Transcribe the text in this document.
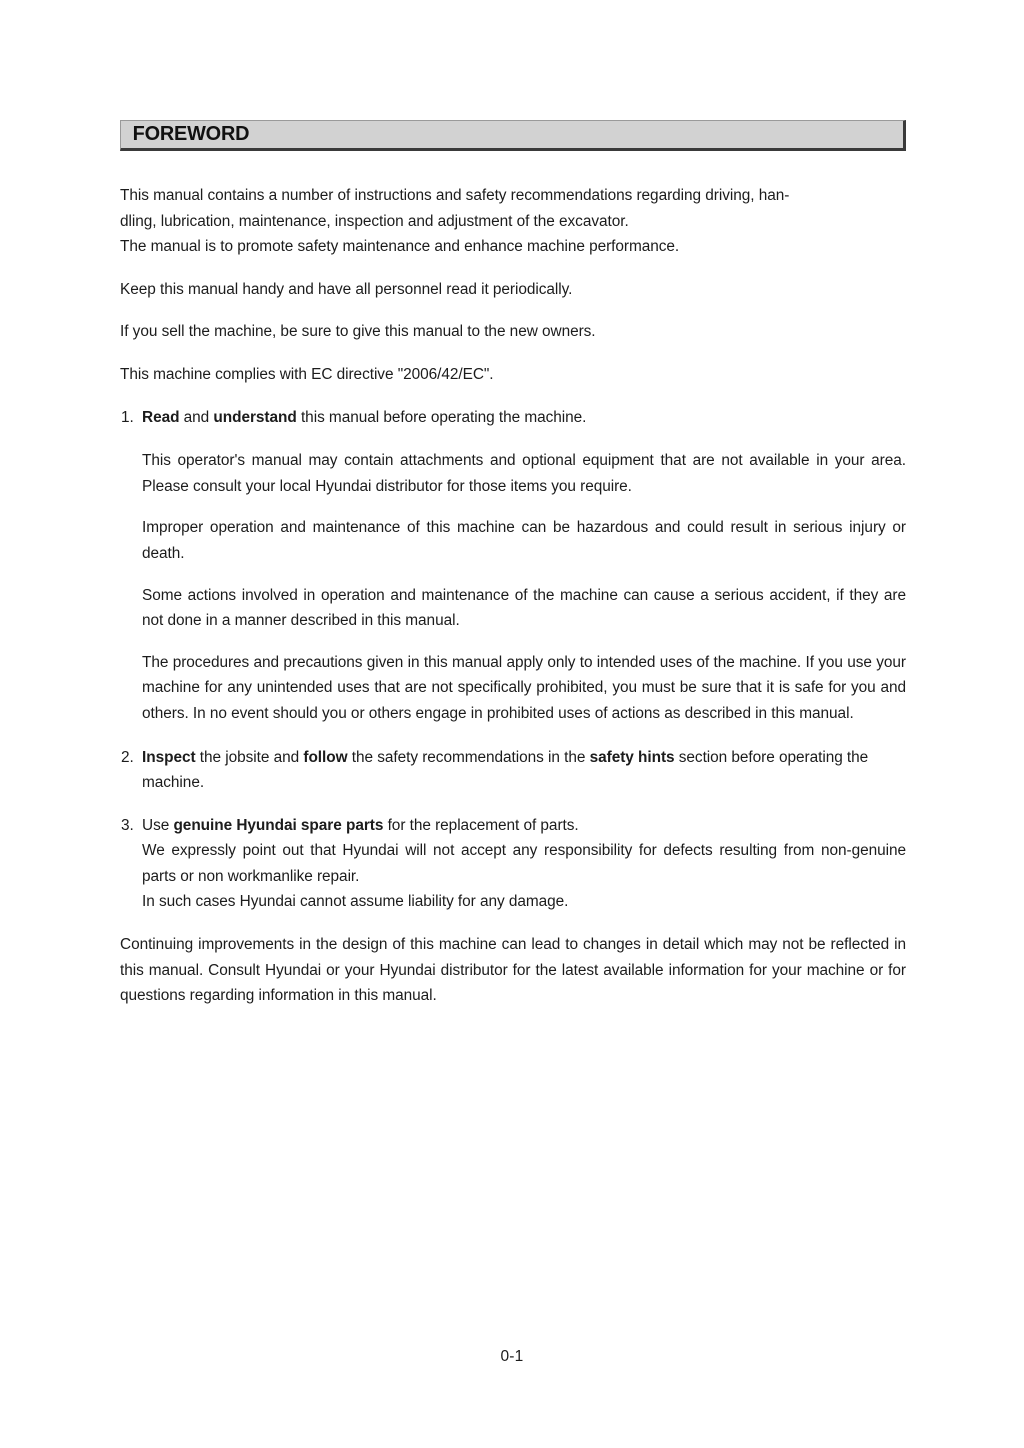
FOREWORD
This manual contains a number of instructions and safety recommendations regarding driving, han-
dling, lubrication, maintenance, inspection and adjustment of the excavator.
The manual is to promote safety maintenance and enhance machine performance.

Keep this manual handy and have all personnel read it periodically.

If you sell the machine, be sure to give this manual to the new owners.

This machine complies with EC directive "2006/42/EC".

1. Read and understand this manual before operating the machine.

This operator's manual may contain attachments and optional equipment that are not available in your area. Please consult your local Hyundai distributor for those items you require.

Improper operation and maintenance of this machine can be hazardous and could result in serious injury or death.

Some actions involved in operation and maintenance of the machine can cause a serious accident, if they are not done in a manner described in this manual.

The procedures and precautions given in this manual apply only to intended uses of the machine. If you use your machine for any unintended uses that are not specifically prohibited, you must be sure that it is safe for you and others. In no event should you or others engage in prohibited uses of actions as described in this manual.

2. Inspect the jobsite and follow the safety recommendations in the safety hints section before operating the machine.
3. Use genuine Hyundai spare parts for the replacement of parts.
We expressly point out that Hyundai will not accept any responsibility for defects resulting from non-genuine parts or non workmanlike repair.
In such cases Hyundai cannot assume liability for any damage.

Continuing improvements in the design of this machine can lead to changes in detail which may not be reflected in this manual. Consult Hyundai or your Hyundai distributor for the latest available information for your machine or for questions regarding information in this manual.

0-1
